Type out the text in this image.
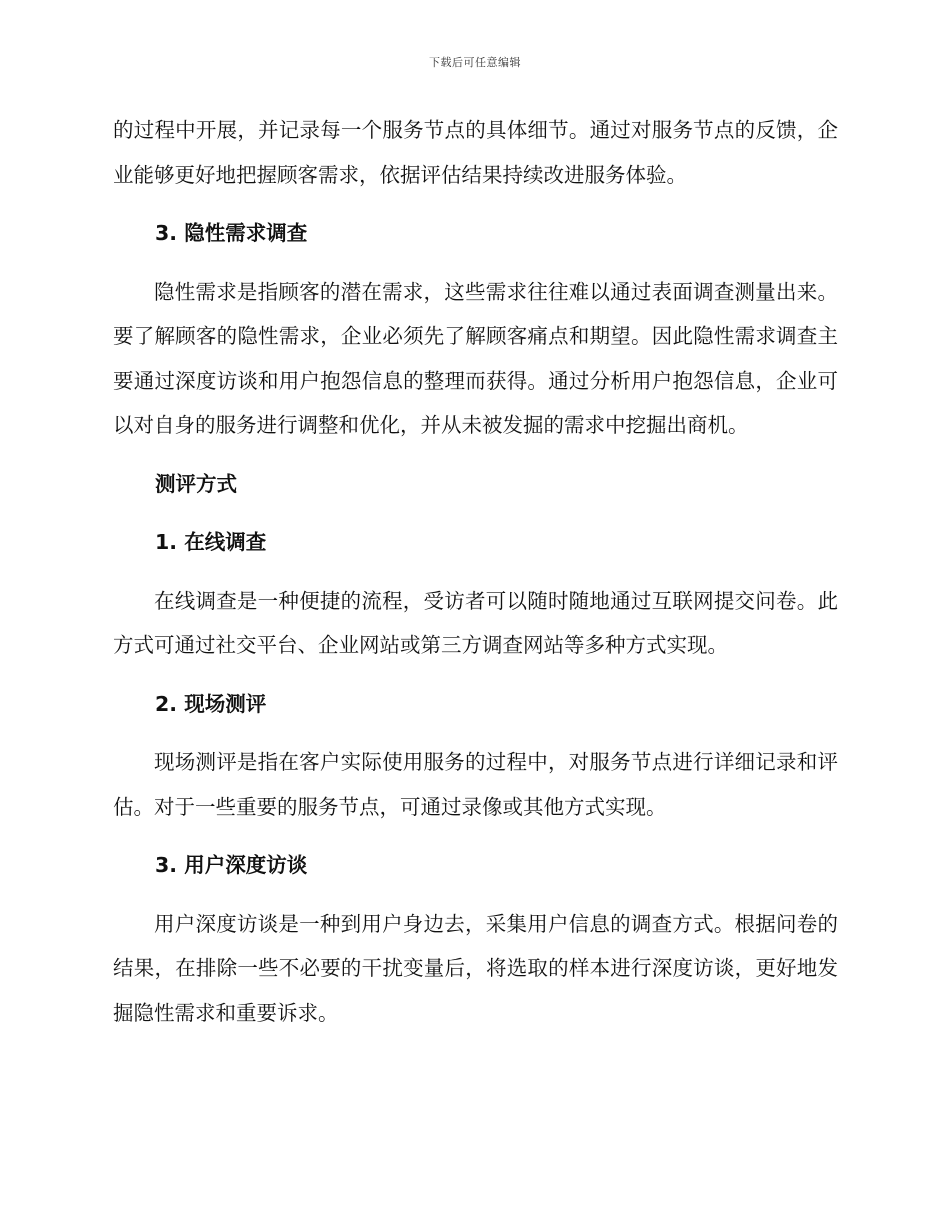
下载后可任意编辑

的过程中开展，并记录每一个服务节点的具体细节。通过对服务节点的反馈，企业能够更好地把握顾客需求，依据评估结果持续改进服务体验。

3. 隐性需求调查

隐性需求是指顾客的潜在需求，这些需求往往难以通过表面调查测量出来。要了解顾客的隐性需求，企业必须先了解顾客痛点和期望。因此隐性需求调查主要通过深度访谈和用户抱怨信息的整理而获得。通过分析用户抱怨信息，企业可以对自身的服务进行调整和优化，并从未被发掘的需求中挖掘出商机。

测评方式
1. 在线调查

在线调查是一种便捷的流程，受访者可以随时随地通过互联网提交问卷。此方式可通过社交平台、企业网站或第三方调查网站等多种方式实现。

2. 现场测评

现场测评是指在客户实际使用服务的过程中，对服务节点进行详细记录和评估。对于一些重要的服务节点，可通过录像或其他方式实现。

3. 用户深度访谈

用户深度访谈是一种到用户身边去，采集用户信息的调查方式。根据问卷的结果，在排除一些不必要的干扰变量后，将选取的样本进行深度访谈，更好地发掘隐性需求和重要诉求。
